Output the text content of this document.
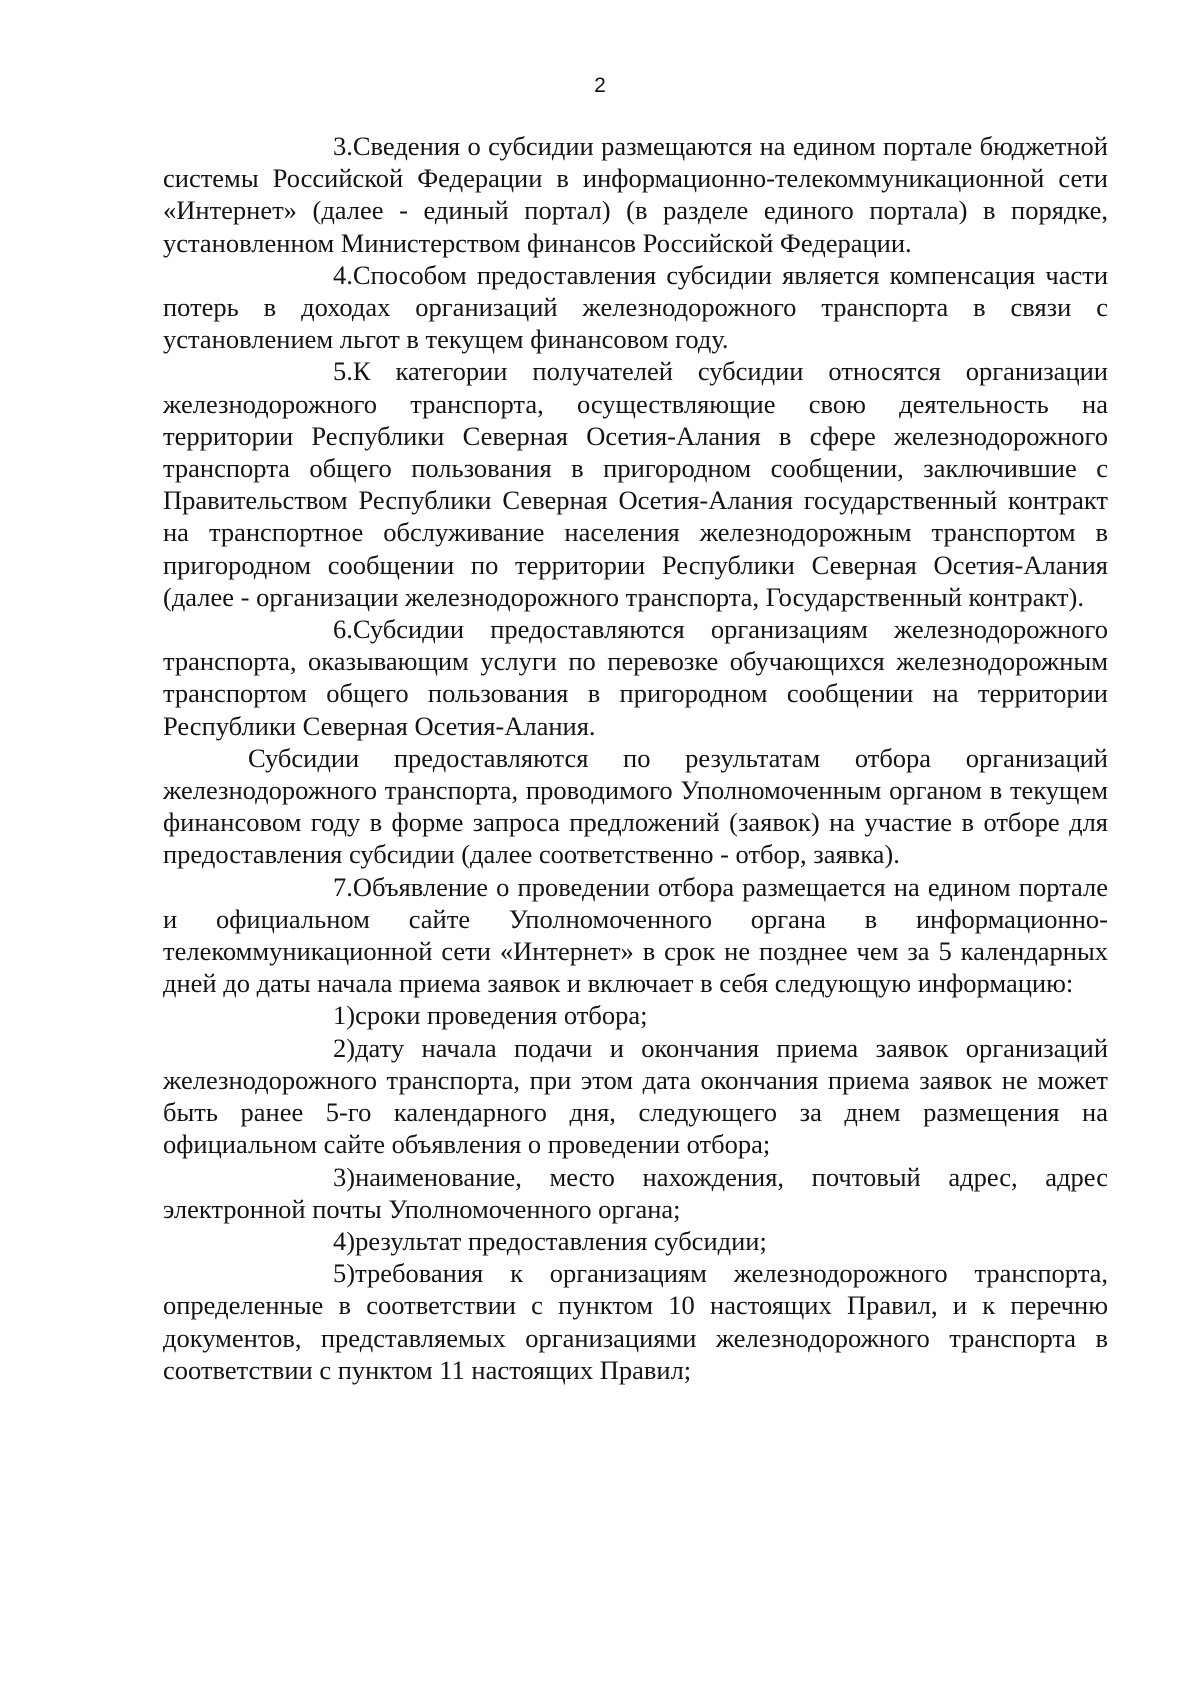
2

3.Сведения о субсидии размещаются на едином портале бюджетной системы Российской Федерации в информационно-телекоммуникационной сети «Интернет» (далее - единый портал) (в разделе единого портала) в порядке, установленном Министерством финансов Российской Федерации.

4.Способом предоставления субсидии является компенсация части потерь в доходах организаций железнодорожного транспорта в связи с установлением льгот в текущем финансовом году.

5.К категории получателей субсидии относятся организации железнодорожного транспорта, осуществляющие свою деятельность на территории Республики Северная Осетия-Алания в сфере железнодорожного транспорта общего пользования в пригородном сообщении, заключившие с Правительством Республики Северная Осетия-Алания государственный контракт на транспортное обслуживание населения железнодорожным транспортом в пригородном сообщении по территории Республики Северная Осетия-Алания (далее - организации железнодорожного транспорта, Государственный контракт).

6.Субсидии предоставляются организациям железнодорожного транспорта, оказывающим услуги по перевозке обучающихся железнодорожным транспортом общего пользования в пригородном сообщении на территории Республики Северная Осетия-Алания.

Субсидии предоставляются по результатам отбора организаций железнодорожного транспорта, проводимого Уполномоченным органом в текущем финансовом году в форме запроса предложений (заявок) на участие в отборе для предоставления субсидии (далее соответственно - отбор, заявка).

7.Объявление о проведении отбора размещается на едином портале и официальном сайте Уполномоченного органа в информационно-телекоммуникационной сети «Интернет» в срок не позднее чем за 5 календарных дней до даты начала приема заявок и включает в себя следующую информацию:

1)сроки проведения отбора;

2)дату начала подачи и окончания приема заявок организаций железнодорожного транспорта, при этом дата окончания приема заявок не может быть ранее 5-го календарного дня, следующего за днем размещения на официальном сайте объявления о проведении отбора;

3)наименование, место нахождения, почтовый адрес, адрес электронной почты Уполномоченного органа;

4)результат предоставления субсидии;

5)требования к организациям железнодорожного транспорта, определенные в соответствии с пунктом 10 настоящих Правил, и к перечню документов, представляемых организациями железнодорожного транспорта в соответствии с пунктом 11 настоящих Правил;
